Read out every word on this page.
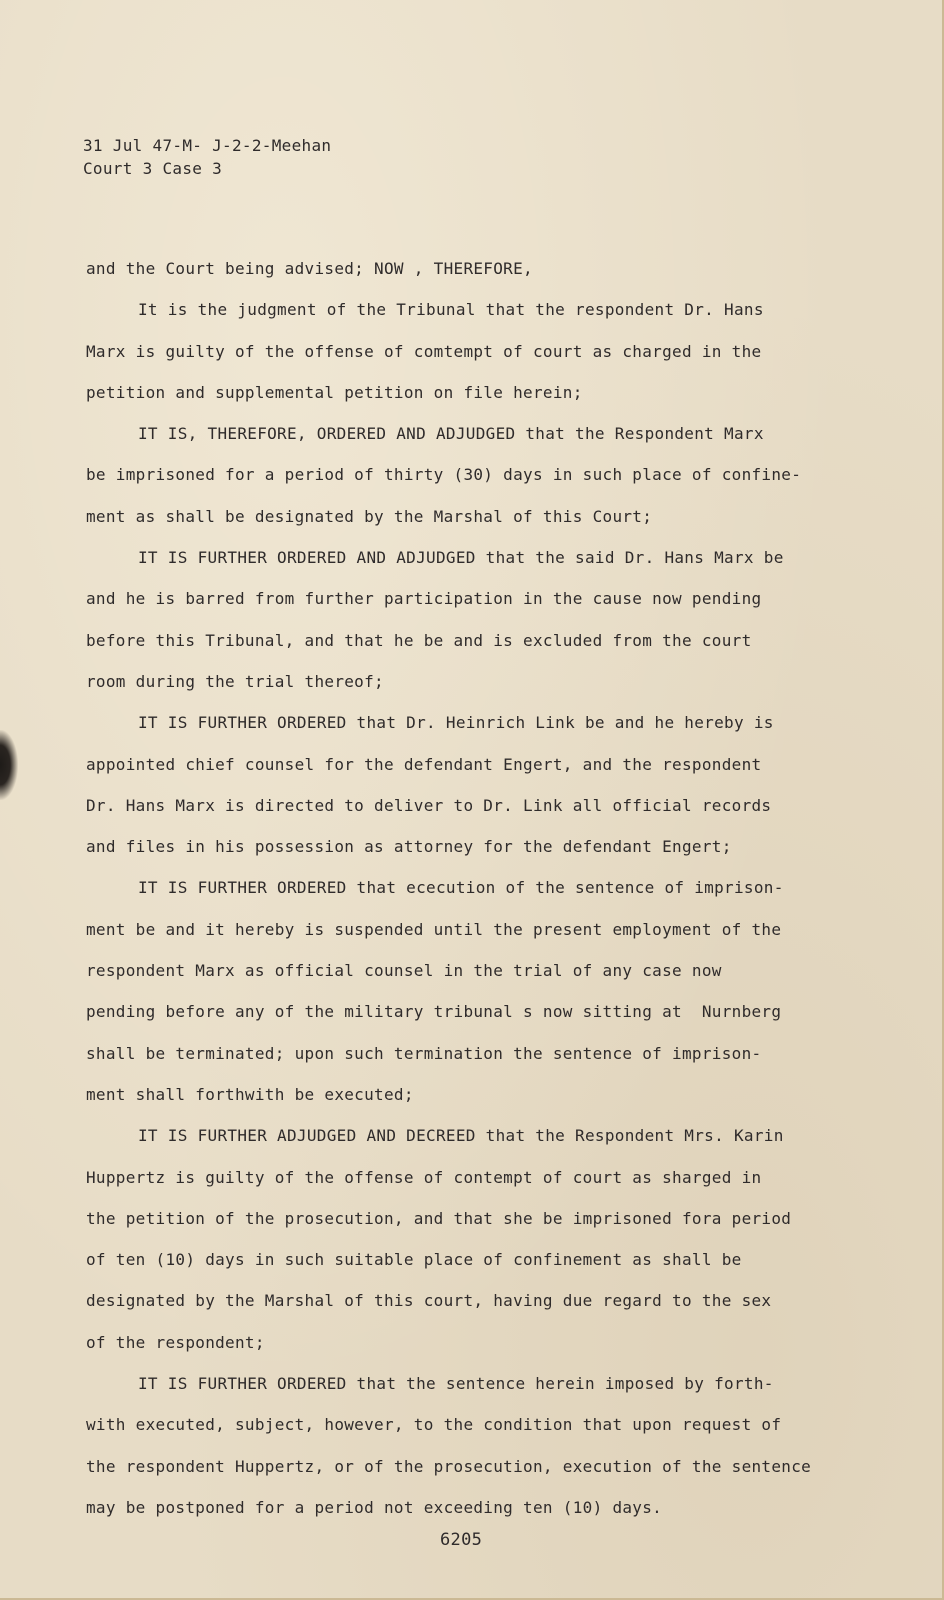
31 Jul 47-M- J-2-2-Meehan
Court 3 Case 3
and the Court being advised; NOW , THEREFORE,
It is the judgment of the Tribunal that the respondent Dr. Hans
Marx is guilty of the offense of comtempt of court as charged in the
petition and supplemental petition on file herein;
IT IS, THEREFORE, ORDERED AND ADJUDGED that the Respondent Marx
be imprisoned for a period of thirty (30) days in such place of confine-
ment as shall be designated by the Marshal of this Court;
IT IS FURTHER ORDERED AND ADJUDGED that the said Dr. Hans Marx be
and he is barred from further participation in the cause now pending
before this Tribunal, and that he be and is excluded from the court
room during the trial thereof;
IT IS FURTHER ORDERED that Dr. Heinrich Link be and he hereby is
appointed chief counsel for the defendant Engert, and the respondent
Dr. Hans Marx is directed to deliver to Dr. Link all official records
and files in his possession as attorney for the defendant Engert;
IT IS FURTHER ORDERED that ececution of the sentence of imprison-
ment be and it hereby is suspended until the present employment of the
respondent Marx as official counsel in the trial of any case now
pending before any of the military tribunal s now sitting at  Nurnberg
shall be terminated; upon such termination the sentence of imprison-
ment shall forthwith be executed;
IT IS FURTHER ADJUDGED AND DECREED that the Respondent Mrs. Karin
Huppertz is guilty of the offense of contempt of court as sharged in
the petition of the prosecution, and that she be imprisoned fora period
of ten (10) days in such suitable place of confinement as shall be
designated by the Marshal of this court, having due regard to the sex
of the respondent;
IT IS FURTHER ORDERED that the sentence herein imposed by forth-
with executed, subject, however, to the condition that upon request of
the respondent Huppertz, or of the prosecution, execution of the sentence
may be postponed for a period not exceeding ten (10) days.
6205
